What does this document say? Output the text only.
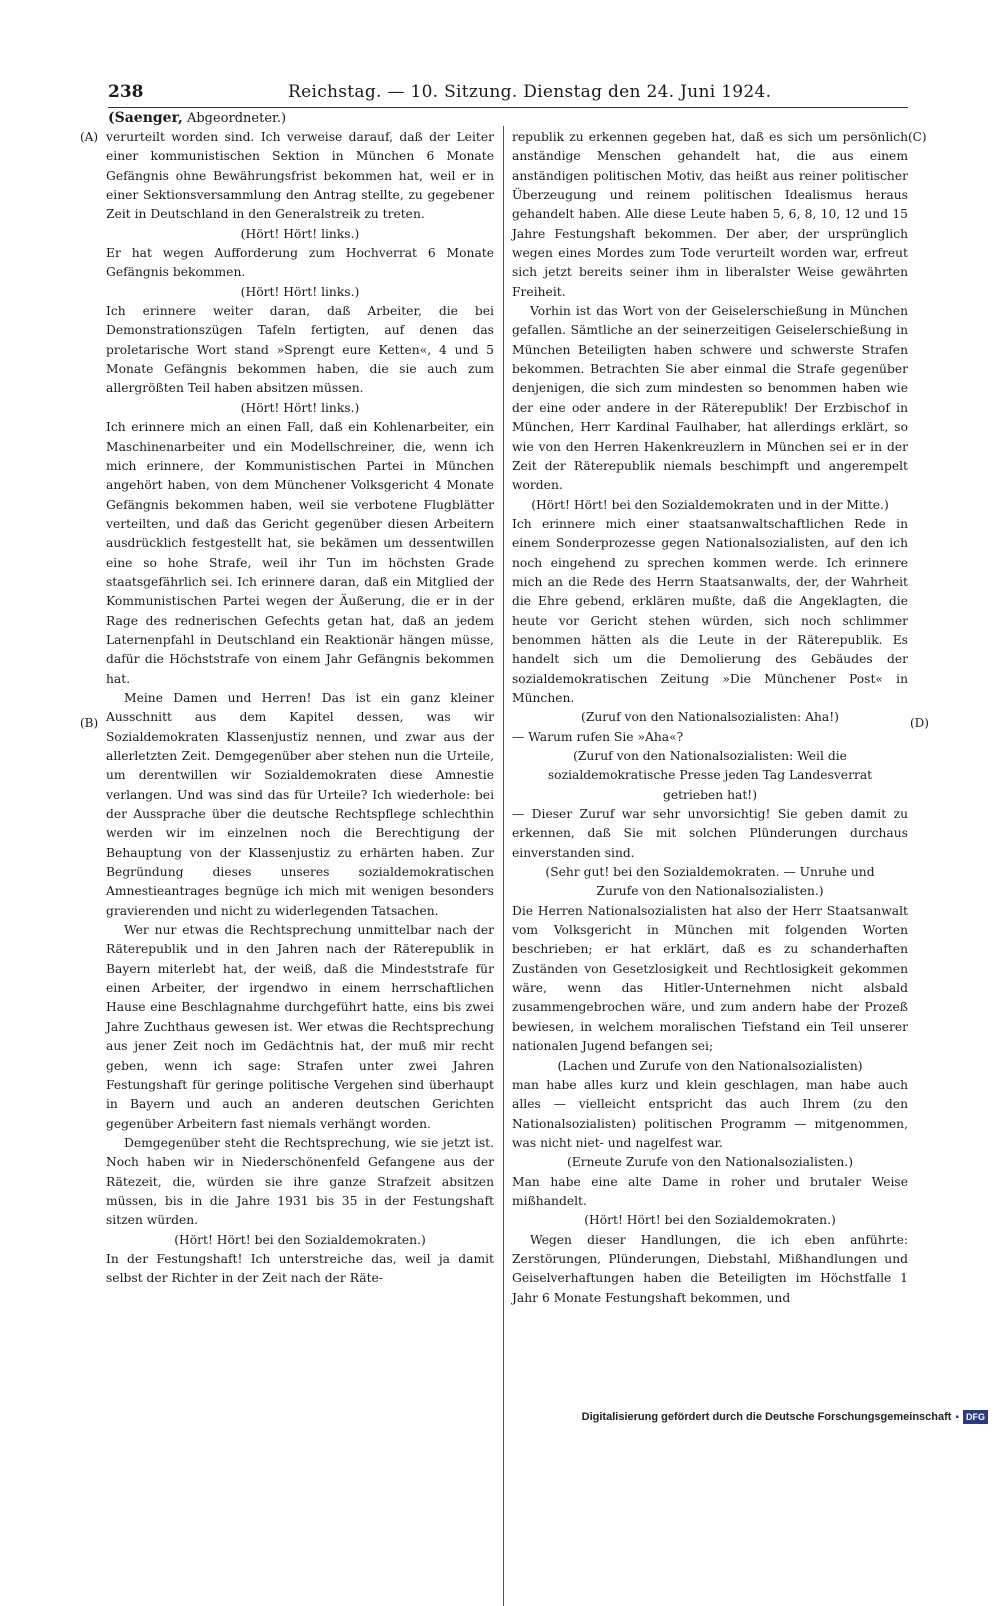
238	Reichstag. — 10. Sitzung. Dienstag den 24. Juni 1924.
(Saenger, Abgeordneter.)
(A)
(B)
(C)
(D)

verurteilt worden sind. Ich verweise darauf, daß der Leiter einer kommunistischen Sektion in München 6 Monate Gefängnis ohne Bewährungsfrist bekommen hat, weil er in einer Sektionsversammlung den Antrag stellte, zu gegebener Zeit in Deutschland in den Generalstreik zu treten.

(Hört! Hört! links.)

Er hat wegen Aufforderung zum Hochverrat 6 Monate Gefängnis bekommen.

(Hört! Hört! links.)

Ich erinnere weiter daran, daß Arbeiter, die bei Demonstrationszügen Tafeln fertigten, auf denen das proletarische Wort stand »Sprengt eure Ketten«, 4 und 5 Monate Gefängnis bekommen haben, die sie auch zum allergrößten Teil haben absitzen müssen.

(Hört! Hört! links.)

Ich erinnere mich an einen Fall, daß ein Kohlenarbeiter, ein Maschinenarbeiter und ein Modellschreiner, die, wenn ich mich erinnere, der Kommunistischen Partei in München angehört haben, von dem Münchener Volksgericht 4 Monate Gefängnis bekommen haben, weil sie verbotene Flugblätter verteilten, und daß das Gericht gegenüber diesen Arbeitern ausdrücklich festgestellt hat, sie bekämen um dessentwillen eine so hohe Strafe, weil ihr Tun im höchsten Grade staatsgefährlich sei. Ich erinnere daran, daß ein Mitglied der Kommunistischen Partei wegen der Äußerung, die er in der Rage des rednerischen Gefechts getan hat, daß an jedem Laternenpfahl in Deutschland ein Reaktionär hängen müsse, dafür die Höchststrafe von einem Jahr Gefängnis bekommen hat.

Meine Damen und Herren! Das ist ein ganz kleiner Ausschnitt aus dem Kapitel dessen, was wir Sozialdemokraten Klassenjustiz nennen, und zwar aus der allerletzten Zeit. Demgegenüber aber stehen nun die Urteile, um derentwillen wir Sozialdemokraten diese Amnestie verlangen. Und was sind das für Urteile? Ich wiederhole: bei der Aussprache über die deutsche Rechtspflege schlechthin werden wir im einzelnen noch die Berechtigung der Behauptung von der Klassenjustiz zu erhärten haben. Zur Begründung dieses unseres sozialdemokratischen Amnestieantrages begnüge ich mich mit wenigen besonders gravierenden und nicht zu widerlegenden Tatsachen.

Wer nur etwas die Rechtsprechung unmittelbar nach der Räterepublik und in den Jahren nach der Räterepublik in Bayern miterlebt hat, der weiß, daß die Mindeststrafe für einen Arbeiter, der irgendwo in einem herrschaftlichen Hause eine Beschlagnahme durchgeführt hatte, eins bis zwei Jahre Zuchthaus gewesen ist. Wer etwas die Rechtsprechung aus jener Zeit noch im Gedächtnis hat, der muß mir recht geben, wenn ich sage: Strafen unter zwei Jahren Festungshaft für geringe politische Vergehen sind überhaupt in Bayern und auch an anderen deutschen Gerichten gegenüber Arbeitern fast niemals verhängt worden.

Demgegenüber steht die Rechtsprechung, wie sie jetzt ist. Noch haben wir in Niederschönenfeld Gefangene aus der Rätezeit, die, würden sie ihre ganze Strafzeit absitzen müssen, bis in die Jahre 1931 bis 35 in der Festungshaft sitzen würden.

(Hört! Hört! bei den Sozialdemokraten.)

In der Festungshaft! Ich unterstreiche das, weil ja damit selbst der Richter in der Zeit nach der Räte-

republik zu erkennen gegeben hat, daß es sich um persönlich anständige Menschen gehandelt hat, die aus einem anständigen politischen Motiv, das heißt aus reiner politischer Überzeugung und reinem politischen Idealismus heraus gehandelt haben. Alle diese Leute haben 5, 6, 8, 10, 12 und 15 Jahre Festungshaft bekommen. Der aber, der ursprünglich wegen eines Mordes zum Tode verurteilt worden war, erfreut sich jetzt bereits seiner ihm in liberalster Weise gewährten Freiheit.

Vorhin ist das Wort von der Geiselerschießung in München gefallen. Sämtliche an der seinerzeitigen Geiselerschießung in München Beteiligten haben schwere und schwerste Strafen bekommen. Betrachten Sie aber einmal die Strafe gegenüber denjenigen, die sich zum mindesten so benommen haben wie der eine oder andere in der Räterepublik! Der Erzbischof in München, Herr Kardinal Faulhaber, hat allerdings erklärt, so wie von den Herren Hakenkreuzlern in München sei er in der Zeit der Räterepublik niemals beschimpft und angerempelt worden.

(Hört! Hört! bei den Sozialdemokraten und in der Mitte.)

Ich erinnere mich einer staatsanwaltschaftlichen Rede in einem Sonderprozesse gegen Nationalsozialisten, auf den ich noch eingehend zu sprechen kommen werde. Ich erinnere mich an die Rede des Herrn Staatsanwalts, der, der Wahrheit die Ehre gebend, erklären mußte, daß die Angeklagten, die heute vor Gericht stehen würden, sich noch schlimmer benommen hätten als die Leute in der Räterepublik. Es handelt sich um die Demolierung des Gebäudes der sozialdemokratischen Zeitung »Die Münchener Post« in München.

(Zuruf von den Nationalsozialisten: Aha!)

— Warum rufen Sie »Aha«?

(Zuruf von den Nationalsozialisten: Weil die sozialdemokratische Presse jeden Tag Landesverrat getrieben hat!)

— Dieser Zuruf war sehr unvorsichtig! Sie geben damit zu erkennen, daß Sie mit solchen Plünderungen durchaus einverstanden sind.

(Sehr gut! bei den Sozialdemokraten. — Unruhe und Zurufe von den Nationalsozialisten.)

Die Herren Nationalsozialisten hat also der Herr Staatsanwalt vom Volksgericht in München mit folgenden Worten beschrieben; er hat erklärt, daß es zu schanderhaften Zuständen von Gesetzlosigkeit und Rechtlosigkeit gekommen wäre, wenn das Hitler-Unternehmen nicht alsbald zusammengebrochen wäre, und zum andern habe der Prozeß bewiesen, in welchem moralischen Tiefstand ein Teil unserer nationalen Jugend befangen sei;

(Lachen und Zurufe von den Nationalsozialisten)

man habe alles kurz und klein geschlagen, man habe auch alles — vielleicht entspricht das auch Ihrem (zu den Nationalsozialisten) politischen Programm — mitgenommen, was nicht niet- und nagelfest war.

(Erneute Zurufe von den Nationalsozialisten.)

Man habe eine alte Dame in roher und brutaler Weise mißhandelt.

(Hört! Hört! bei den Sozialdemokraten.)

Wegen dieser Handlungen, die ich eben anführte: Zerstörungen, Plünderungen, Diebstahl, Mißhandlungen und Geiselverhaftungen haben die Beteiligten im Höchstfalle 1 Jahr 6 Monate Festungshaft bekommen, und

Digitalisierung gefördert durch die Deutsche Forschungsgemeinschaft ▪ DFG
